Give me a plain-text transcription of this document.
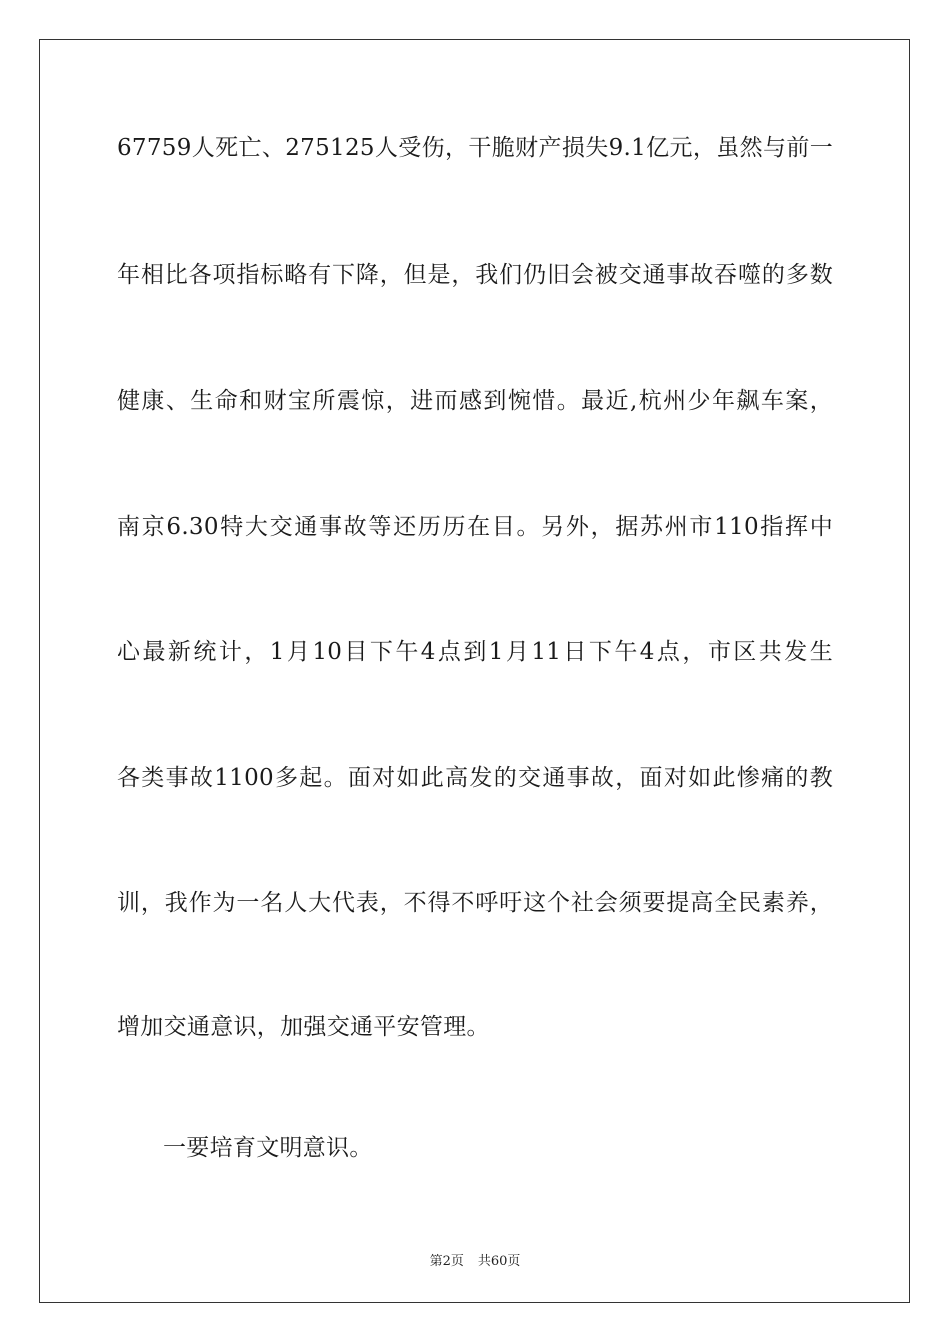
67759人死亡、275125人受伤，干脆财产损失9.1亿元，虽然与前一

年相比各项指标略有下降，但是，我们仍旧会被交通事故吞噬的多数

健康、生命和财宝所震惊，进而感到惋惜。最近,杭州少年飙车案，

南京6.30特大交通事故等还历历在目。另外，据苏州市110指挥中

心最新统计，1月10目下午4点到1月11日下午4点，市区共发生

各类事故1100多起。面对如此高发的交通事故，面对如此惨痛的教

训，我作为一名人大代表，不得不呼吁这个社会须要提高全民素养，

增加交通意识，加强交通平安管理。

一要培育文明意识。

第2页 共60页
